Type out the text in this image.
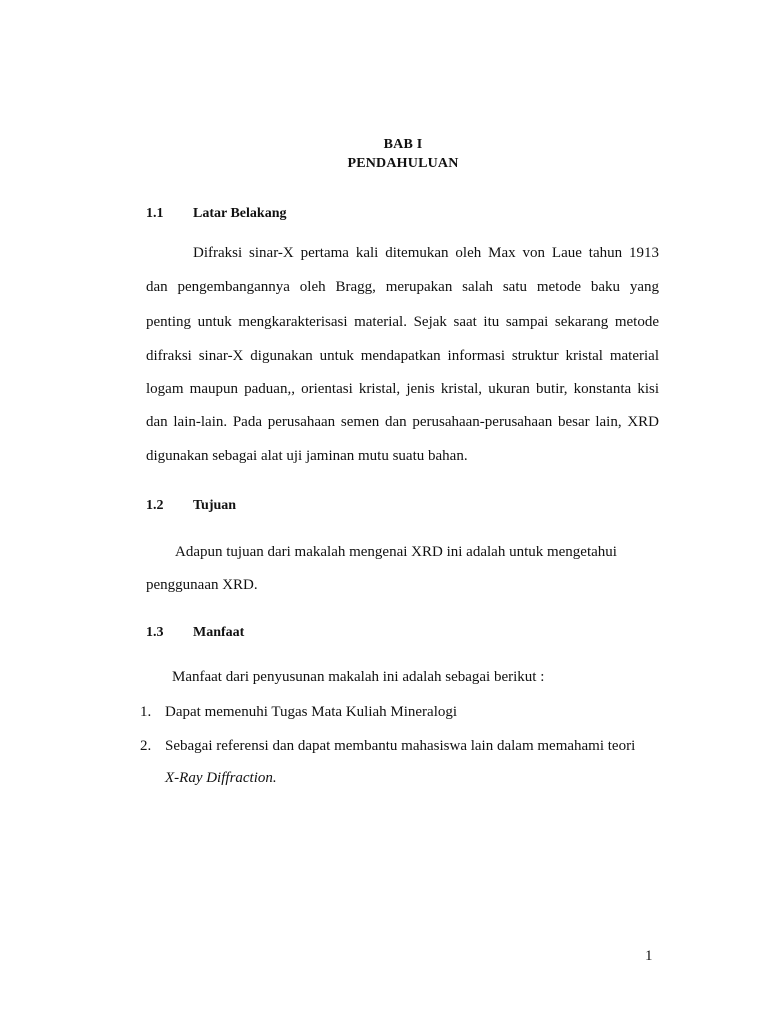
BAB I
PENDAHULUAN
1.1 Latar Belakang
Difraksi sinar-X pertama kali ditemukan oleh Max von Laue tahun 1913
dan pengembangannya oleh Bragg, merupakan salah satu metode baku yang
penting untuk mengkarakterisasi material. Sejak saat itu sampai sekarang metode
difraksi sinar-X digunakan untuk mendapatkan informasi struktur kristal material
logam maupun paduan,, orientasi kristal, jenis kristal, ukuran butir, konstanta kisi
dan lain-lain. Pada perusahaan semen dan perusahaan-perusahaan besar lain, XRD
digunakan sebagai alat uji jaminan mutu suatu bahan.
1.2 Tujuan
Adapun tujuan dari makalah mengenai XRD ini adalah untuk mengetahui
penggunaan XRD.
1.3 Manfaat
Manfaat dari penyusunan makalah ini adalah sebagai berikut :
1. Dapat memenuhi Tugas Mata Kuliah Mineralogi
2. Sebagai referensi dan dapat membantu mahasiswa lain dalam memahami teori
X-Ray Diffraction.
1
